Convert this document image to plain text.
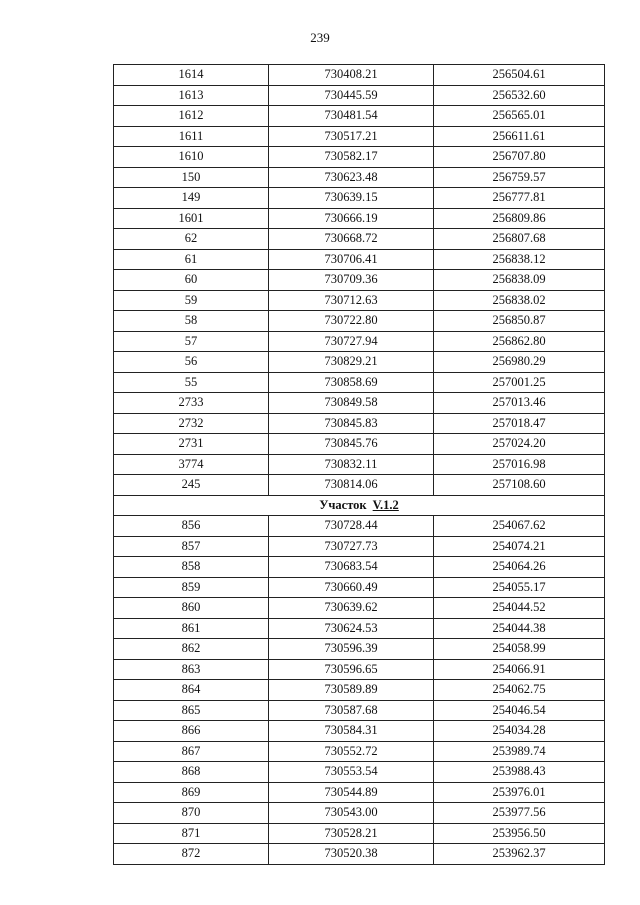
239
1614	730408.21	256504.61
1613	730445.59	256532.60
1612	730481.54	256565.01
1611	730517.21	256611.61
1610	730582.17	256707.80
150	730623.48	256759.57
149	730639.15	256777.81
1601	730666.19	256809.86
62	730668.72	256807.68
61	730706.41	256838.12
60	730709.36	256838.09
59	730712.63	256838.02
58	730722.80	256850.87
57	730727.94	256862.80
56	730829.21	256980.29
55	730858.69	257001.25
2733	730849.58	257013.46
2732	730845.83	257018.47
2731	730845.76	257024.20
3774	730832.11	257016.98
245	730814.06	257108.60
Участок V.1.2		
856	730728.44	254067.62
857	730727.73	254074.21
858	730683.54	254064.26
859	730660.49	254055.17
860	730639.62	254044.52
861	730624.53	254044.38
862	730596.39	254058.99
863	730596.65	254066.91
864	730589.89	254062.75
865	730587.68	254046.54
866	730584.31	254034.28
867	730552.72	253989.74
868	730553.54	253988.43
869	730544.89	253976.01
870	730543.00	253977.56
871	730528.21	253956.50
872	730520.38	253962.37
